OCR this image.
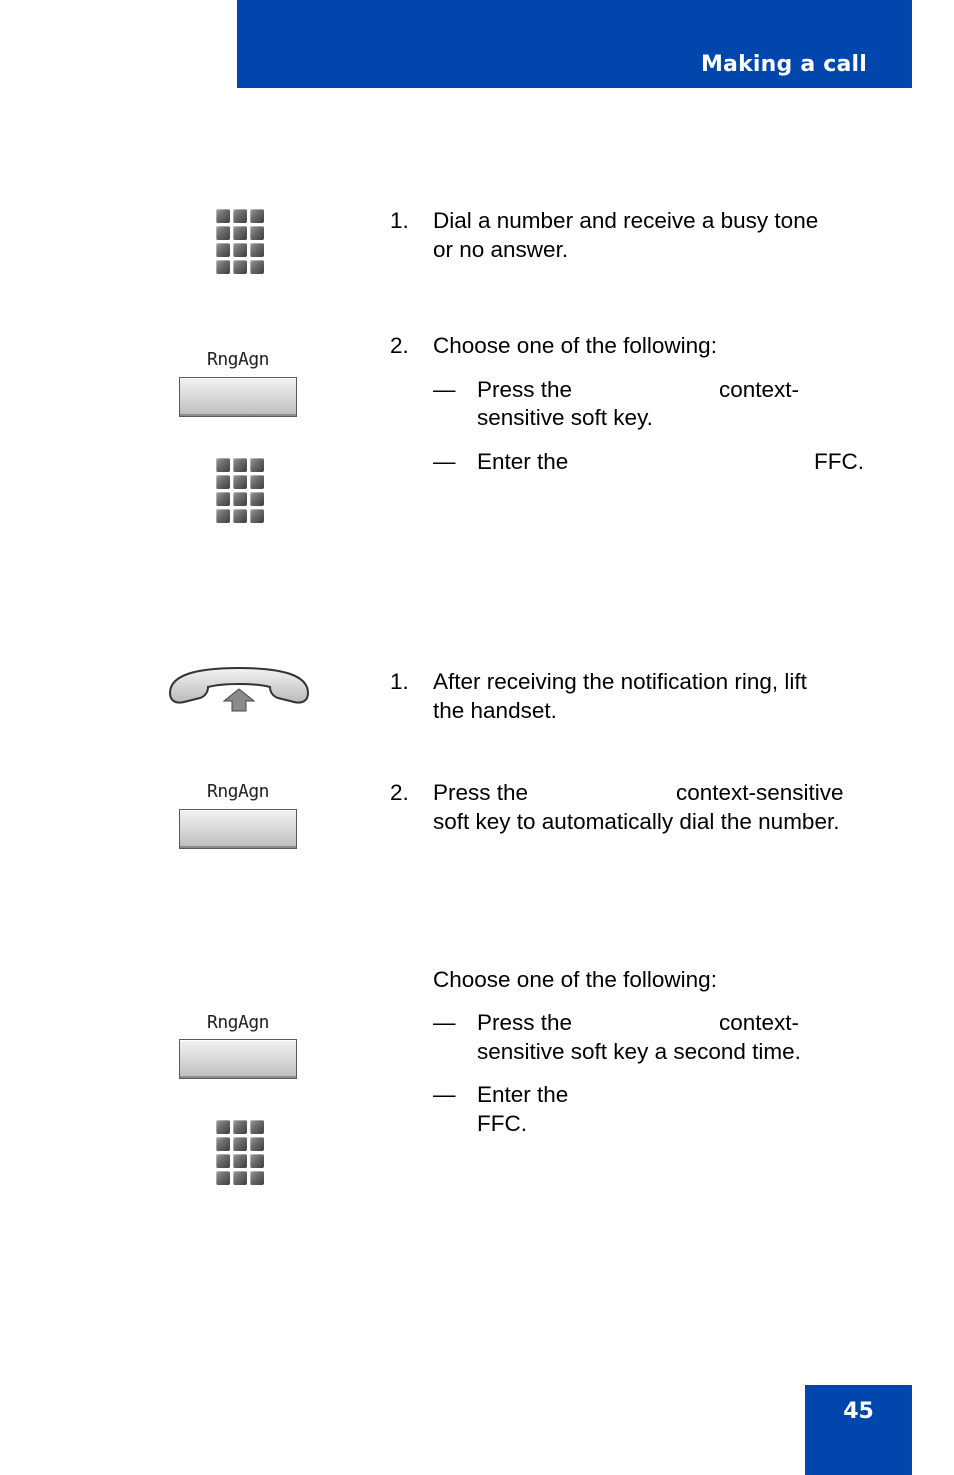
Making a call
1. Dial a number and receive a busy tone
or no answer.
RngAgn
2. Choose one of the following:
— Press the	context-
sensitive soft key.
— Enter the	FFC.
1. After receiving the notification ring, lift
the handset.
RngAgn	2. Press the	context-sensitive
soft key to automatically dial the number.
Choose one of the following:
RngAgn	— Press the	context-
sensitive soft key a second time.
— Enter the
FFC.
45
